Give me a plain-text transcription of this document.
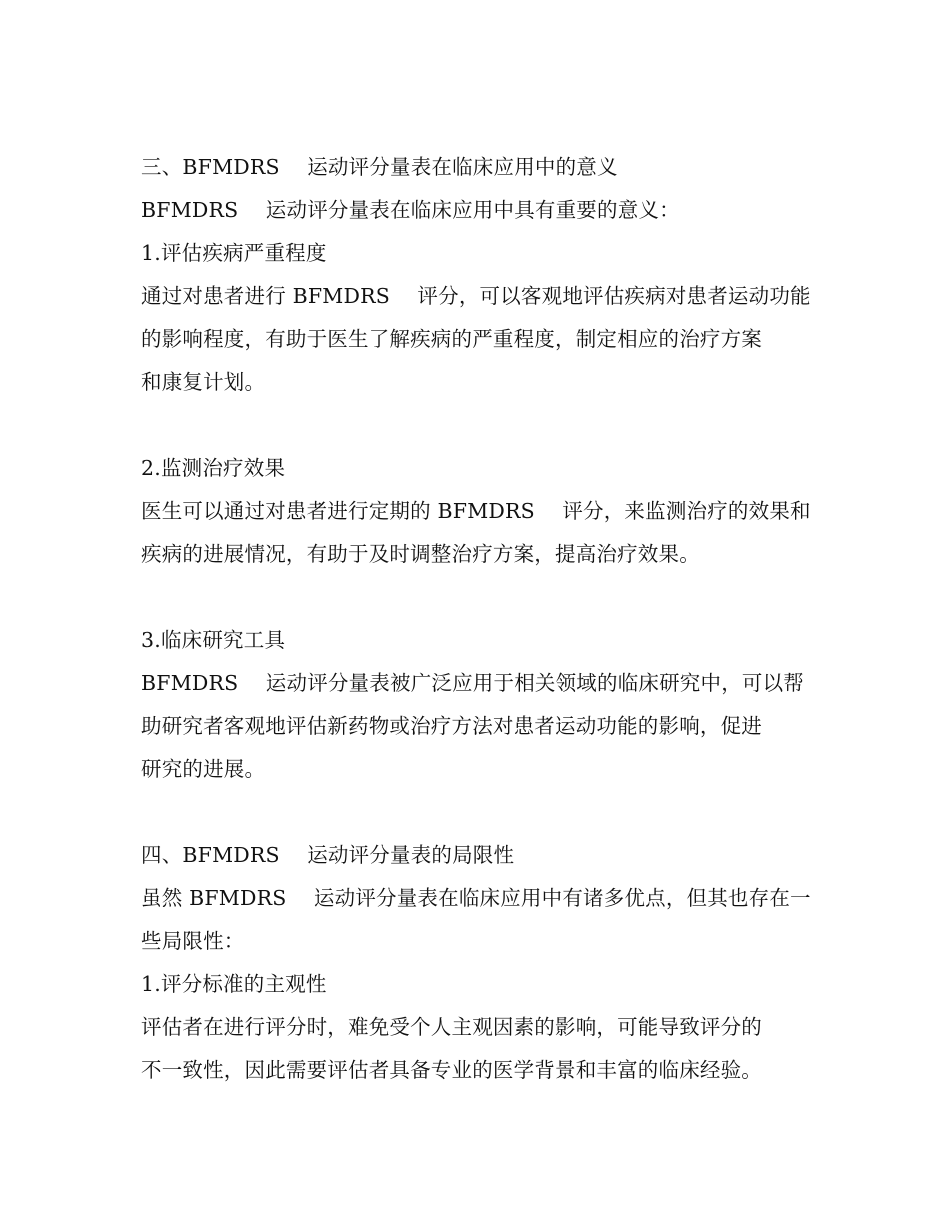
三、BFMDRS　 运动评分量表在临床应用中的意义
BFMDRS　 运动评分量表在临床应用中具有重要的意义：
1.评估疾病严重程度
通过对患者进行 BFMDRS　 评分，可以客观地评估疾病对患者运动功能
的影响程度，有助于医生了解疾病的严重程度，制定相应的治疗方案
和康复计划。
2.监测治疗效果
医生可以通过对患者进行定期的 BFMDRS　 评分，来监测治疗的效果和
疾病的进展情况，有助于及时调整治疗方案，提高治疗效果。
3.临床研究工具
BFMDRS　 运动评分量表被广泛应用于相关领域的临床研究中，可以帮
助研究者客观地评估新药物或治疗方法对患者运动功能的影响，促进
研究的进展。
四、BFMDRS　 运动评分量表的局限性
虽然 BFMDRS　 运动评分量表在临床应用中有诸多优点，但其也存在一
些局限性：
1.评分标准的主观性
评估者在进行评分时，难免受个人主观因素的影响，可能导致评分的
不一致性，因此需要评估者具备专业的医学背景和丰富的临床经验。
